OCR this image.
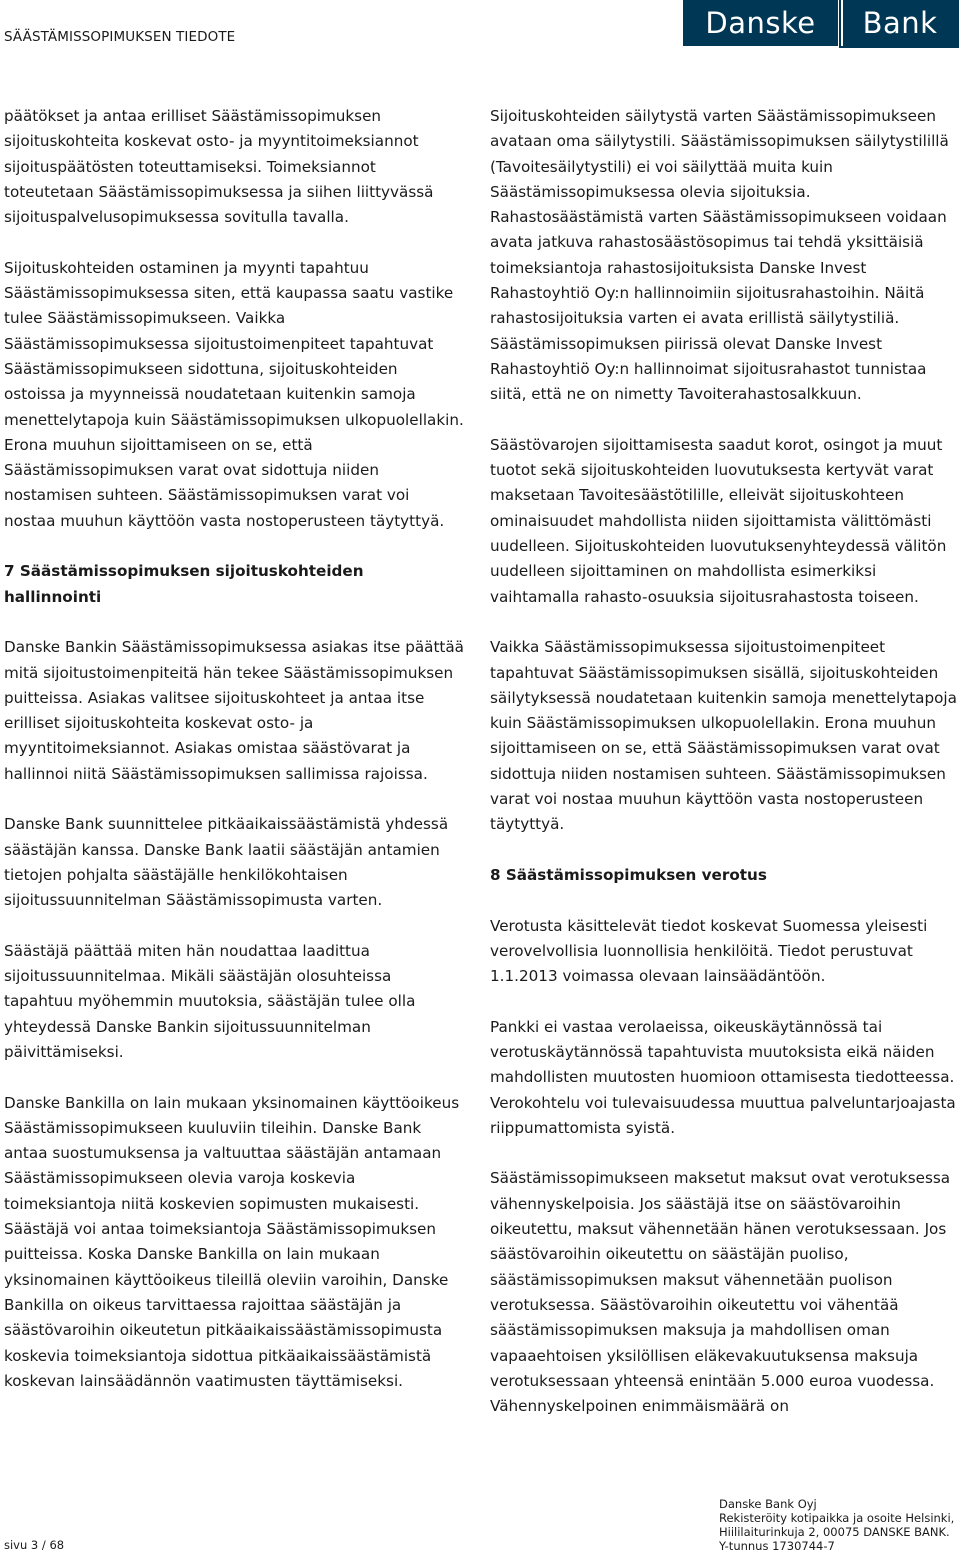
SÄÄSTÄMISSOPIMUKSEN TIEDOTE	Danske	Bank

päätökset ja antaa erilliset Säästämissopimuksen sijoituskohteita koskevat osto- ja myyntitoimeksiannot sijoituspäätösten toteuttamiseksi. Toimeksiannot toteutetaan Säästämissopimuksessa ja siihen liittyvässä sijoituspalvelusopimuksessa sovitulla tavalla.

Sijoituskohteiden ostaminen ja myynti tapahtuu Säästämissopimuksessa siten, että kaupassa saatu vastike tulee Säästämissopimukseen. Vaikka Säästämissopimuksessa sijoitustoimenpiteet tapahtuvat Säästämissopimukseen sidottuna, sijoituskohteiden ostoissa ja myynneissä noudatetaan kuitenkin samoja menettelytapoja kuin Säästämissopimuksen ulkopuolellakin. Erona muuhun sijoittamiseen on se, että Säästämissopimuksen varat ovat sidottuja niiden nostamisen suhteen. Säästämissopimuksen varat voi nostaa muuhun käyttöön vasta nostoperusteen täytyttyä.

7 Säästämissopimuksen sijoituskohteiden hallinnointi

Danske Bankin Säästämissopimuksessa asiakas itse päättää mitä sijoitustoimenpiteitä hän tekee Säästämissopimuksen puitteissa. Asiakas valitsee sijoituskohteet ja antaa itse erilliset sijoituskohteita koskevat osto- ja myyntitoimeksiannot. Asiakas omistaa säästövarat ja hallinnoi niitä Säästämissopimuksen sallimissa rajoissa.

Danske Bank suunnittelee pitkäaikaissäästämistä yhdessä säästäjän kanssa. Danske Bank laatii säästäjän antamien tietojen pohjalta säästäjälle henkilökohtaisen sijoitussuunnitelman Säästämissopimusta varten.

Säästäjä päättää miten hän noudattaa laadittua sijoitussuunnitelmaa. Mikäli säästäjän olosuhteissa tapahtuu myöhemmin muutoksia, säästäjän tulee olla yhteydessä Danske Bankin sijoitussuunnitelman päivittämiseksi.

Danske Bankilla on lain mukaan yksinomainen käyttöoikeus Säästämissopimukseen kuuluviin tileihin. Danske Bank antaa suostumuksensa ja valtuuttaa säästäjän antamaan Säästämissopimukseen olevia varoja koskevia toimeksiantoja niitä koskevien sopimusten mukaisesti. Säästäjä voi antaa toimeksiantoja Säästämissopimuksen puitteissa. Koska Danske Bankilla on lain mukaan yksinomainen käyttöoikeus tileillä oleviin varoihin, Danske Bankilla on oikeus tarvittaessa rajoittaa säästäjän ja säästövaroihin oikeutetun pitkäaikaissäästämissopimusta koskevia toimeksiantoja sidottua pitkäaikaissäästämistä koskevan lainsäädännön vaatimusten täyttämiseksi.

Sijoituskohteiden säilytystä varten Säästämissopimukseen avataan oma säilytystili. Säästämissopimuksen säilytystilillä (Tavoitesäilytystili) ei voi säilyttää muita kuin Säästämissopimuksessa olevia sijoituksia. Rahastosäästämistä varten Säästämissopimukseen voidaan avata jatkuva rahastosäästösopimus tai tehdä yksittäisiä toimeksiantoja rahastosijoituksista Danske Invest Rahastoyhtiö Oy:n hallinnoimiin sijoitusrahastoihin. Näitä rahastosijoituksia varten ei avata erillistä säilytystiliä. Säästämissopimuksen piirissä olevat Danske Invest Rahastoyhtiö Oy:n hallinnoimat sijoitusrahastot tunnistaa siitä, että ne on nimetty Tavoiterahastosalkkuun.

Säästövarojen sijoittamisesta saadut korot, osingot ja muut tuotot sekä sijoituskohteiden luovutuksesta kertyvät varat maksetaan Tavoitesäästötilille, elleivät sijoituskohteen ominaisuudet mahdollista niiden sijoittamista välittömästi uudelleen. Sijoituskohteiden luovutuksenyhteydessä välitön uudelleen sijoittaminen on mahdollista esimerkiksi vaihtamalla rahasto-osuuksia sijoitusrahastosta toiseen.

Vaikka Säästämissopimuksessa sijoitustoimenpiteet tapahtuvat Säästämissopimuksen sisällä, sijoituskohteiden säilytyksessä noudatetaan kuitenkin samoja menettelytapoja kuin Säästämissopimuksen ulkopuolellakin. Erona muuhun sijoittamiseen on se, että Säästämissopimuksen varat ovat sidottuja niiden nostamisen suhteen. Säästämissopimuksen varat voi nostaa muuhun käyttöön vasta nostoperusteen täytyttyä.

8 Säästämissopimuksen verotus

Verotusta käsittelevät tiedot koskevat Suomessa yleisesti verovelvollisia luonnollisia henkilöitä. Tiedot perustuvat 1.1.2013 voimassa olevaan lainsäädäntöön.

Pankki ei vastaa verolaeissa, oikeuskäytännössä tai verotuskäytännössä tapahtuvista muutoksista eikä näiden mahdollisten muutosten huomioon ottamisesta tiedotteessa. Verokohtelu voi tulevaisuudessa muuttua palveluntarjoajasta riippumattomista syistä.

Säästämissopimukseen maksetut maksut ovat verotuksessa vähennyskelpoisia. Jos säästäjä itse on säästövaroihin oikeutettu, maksut vähennetään hänen verotuksessaan. Jos säästövaroihin oikeutettu on säästäjän puoliso, säästämissopimuksen maksut vähennetään puolison verotuksessa. Säästövaroihin oikeutettu voi vähentää säästämissopimuksen maksuja ja mahdollisen oman vapaaehtoisen yksilöllisen eläkevakuutuksensa maksuja verotuksessaan yhteensä enintään 5.000 euroa vuodessa. Vähennyskelpoinen enimmäismäärä on

sivu 3 / 68
Danske Bank Oyj
Rekisteröity kotipaikka ja osoite Helsinki,
Hiililaiturinkuja 2, 00075 DANSKE BANK.
Y-tunnus 1730744-7
